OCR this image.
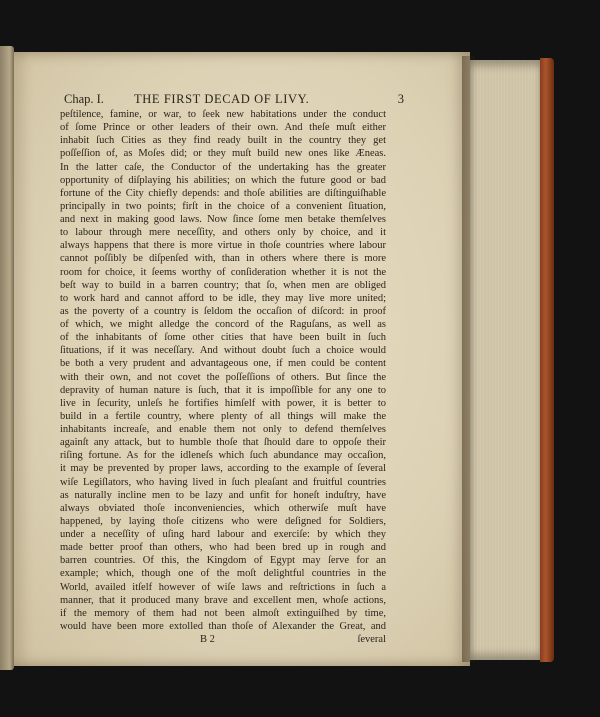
Chap. I. THE FIRST DECAD OF LIVY.	3
peſtilence, famine, or war, to ſeek new habitations under the conduct
of ſome Prince or other leaders of their own. And theſe muſt either
inhabit ſuch Cities as they find ready built in the country they get
poſſeſſion of, as Moſes did; or they muſt build new ones like Æneas.
In the latter caſe, the Conductor of the undertaking has the greater
opportunity of diſplaying his abilities; on which the future good or bad
fortune of the City chiefly depends: and thoſe abilities are diſtinguiſhable
principally in two points; firſt in the choice of a convenient ſituation,
and next in making good laws. Now ſince ſome men betake themſelves
to labour through mere neceſſity, and others only by choice, and it
always happens that there is more virtue in thoſe countries where labour
cannot poſſibly be diſpenſed with, than in others where there is more
room for choice, it ſeems worthy of conſideration whether it is not the
beſt way to build in a barren country; that ſo, when men are obliged
to work hard and cannot afford to be idle, they may live more united;
as the poverty of a country is ſeldom the occaſion of diſcord: in proof
of which, we might alledge the concord of the Raguſans, as well as
of the inhabitants of ſome other cities that have been built in ſuch
ſituations, if it was neceſſary. And without doubt ſuch a choice would
be both a very prudent and advantageous one, if men could be content
with their own, and not covet the poſſeſſions of others. But ſince the
depravity of human nature is ſuch, that it is impoſſible for any one to
live in ſecurity, unleſs he fortifies himſelf with power, it is better to
build in a fertile country, where plenty of all things will make the
inhabitants increaſe, and enable them not only to defend themſelves
againſt any attack, but to humble thoſe that ſhould dare to oppoſe their
riſing fortune. As for the idleneſs which ſuch abundance may occaſion,
it may be prevented by proper laws, according to the example of ſeveral
wiſe Legiſlators, who having lived in ſuch pleaſant and fruitful countries
as naturally incline men to be lazy and unfit for honeſt induſtry, have
always obviated thoſe inconveniencies, which otherwiſe muſt have
happened, by laying thoſe citizens who were deſigned for Soldiers,
under a neceſſity of uſing hard labour and exerciſe: by which they
made better proof than others, who had been bred up in rough and
barren countries. Of this, the Kingdom of Egypt may ſerve for an
example; which, though one of the moſt delightful countries in the
World, availed itſelf however of wiſe laws and reſtrictions in ſuch a
manner, that it produced many brave and excellent men, whoſe actions,
if the memory of them had not been almoſt extinguiſhed by time,
would have been more extolled than thoſe of Alexander the Great, and
B 2	ſeveral
